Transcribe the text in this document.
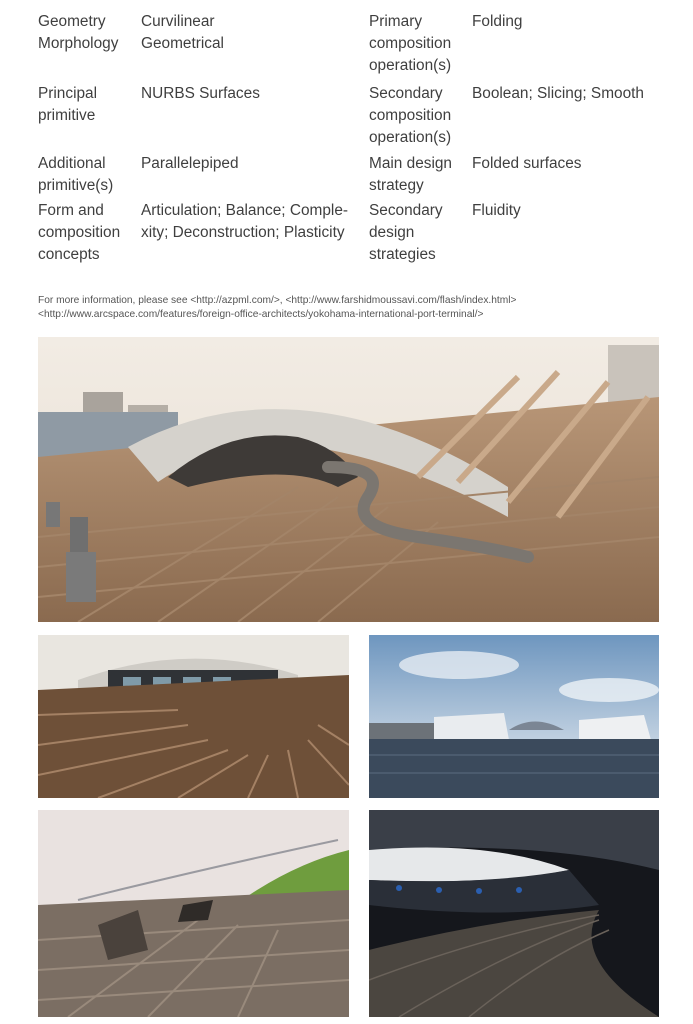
Geometry
Morphology
Curvilinear
Geometrical
Primary
composition
operation(s)
Folding
Principal
primitive
NURBS Surfaces	Secondary
composition
operation(s)
Boolean; Slicing; Smooth
Additional
primitive(s)
Parallelepiped	Main design
strategy
Folded surfaces
Form and
composition
concepts
Articulation; Balance; Comple-
xity; Deconstruction; Plasticity
Secondary
design
strategies
Fluidity
For more information, please see <http://azpml.com/>, <http://www.farshidmoussavi.com/flash/index.html>
<http://www.arcspace.com/features/foreign-office-architects/yokohama-international-port-terminal/>
